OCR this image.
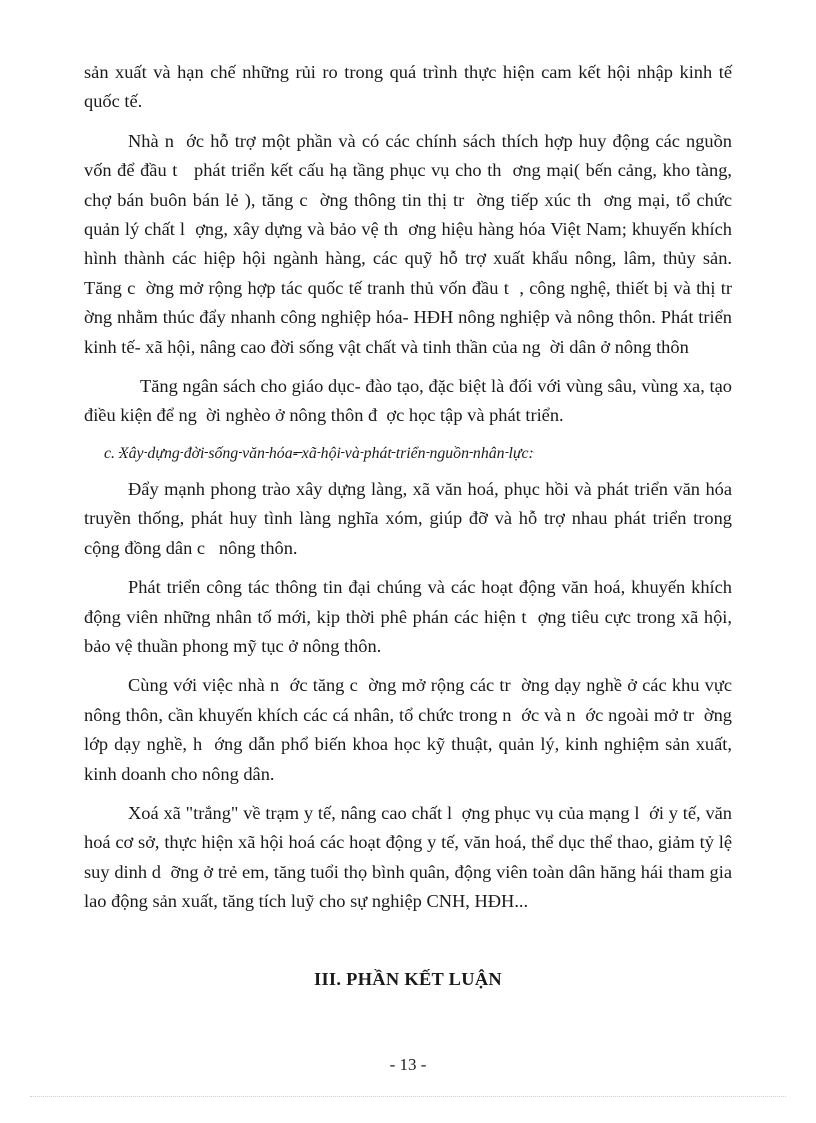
sản xuất và hạn chế những rủi ro trong quá trình thực hiện cam kết hội nhập kinh tế quốc tế.

Nhà n  ớc hỗ trợ một phần và có các chính sách thích hợp huy động các nguồn vốn để đầu t   phát triển kết cấu hạ tầng phục vụ cho th  ơng mại( bến cảng, kho tàng, chợ bán buôn bán lẻ ), tăng c  ờng thông tin thị tr  ờng tiếp xúc th  ơng mại, tổ chức quản lý chất l  ợng, xây dựng và bảo vệ th  ơng hiệu hàng hóa Việt Nam; khuyến khích hình thành các hiệp hội ngành hàng, các quỹ hỗ trợ xuất khẩu nông, lâm, thủy sản. Tăng c  ờng mở rộng hợp tác quốc tế tranh thủ vốn đầu t  , công nghệ, thiết bị và thị tr  ờng nhằm thúc đẩy nhanh công nghiệp hóa- HĐH nông nghiệp và nông thôn. Phát triển kinh tế- xã hội, nâng cao đời sống vật chất và tinh thần của ng  ời dân ở nông thôn

Tăng ngân sách cho giáo dục- đào tạo, đặc biệt là đối với vùng sâu, vùng xa, tạo điều kiện để ng  ời nghèo ở nông thôn đ  ợc học tập và phát triển.

c. Xây dựng đời sống văn hóa- xã hội và phát triển nguồn nhân lực:

Đẩy mạnh phong trào xây dựng làng, xã văn hoá, phục hồi và phát triển văn hóa truyền thống, phát huy tình làng nghĩa xóm, giúp đỡ và hỗ trợ nhau phát triển trong cộng đồng dân c   nông thôn.

Phát triển công tác thông tin đại chúng và các hoạt động văn hoá, khuyến khích động viên những nhân tố mới, kịp thời phê phán các hiện t  ợng tiêu cực trong xã hội, bảo vệ thuần phong mỹ tục ở nông thôn.

Cùng với việc nhà n  ớc tăng c  ờng mở rộng các tr  ờng dạy nghề ở các khu vực nông thôn, cần khuyến khích các cá nhân, tổ chức trong n  ớc và n  ớc ngoài mở tr  ờng lớp dạy nghề, h  ớng dẫn phổ biến khoa học kỹ thuật, quản lý, kinh nghiệm sản xuất, kinh doanh cho nông dân.

Xoá xã "trắng" về trạm y tế, nâng cao chất l  ợng phục vụ của mạng l  ới y tế, văn hoá cơ sở, thực hiện xã hội hoá các hoạt động y tế, văn hoá, thể dục thể thao, giảm tỷ lệ suy dinh d  ỡng ở trẻ em, tăng tuổi thọ bình quân, động viên toàn dân hăng hái tham gia lao động sản xuất, tăng tích luỹ cho sự nghiệp CNH, HĐH...

III. PHẦN KẾT LUẬN
- 13 -
